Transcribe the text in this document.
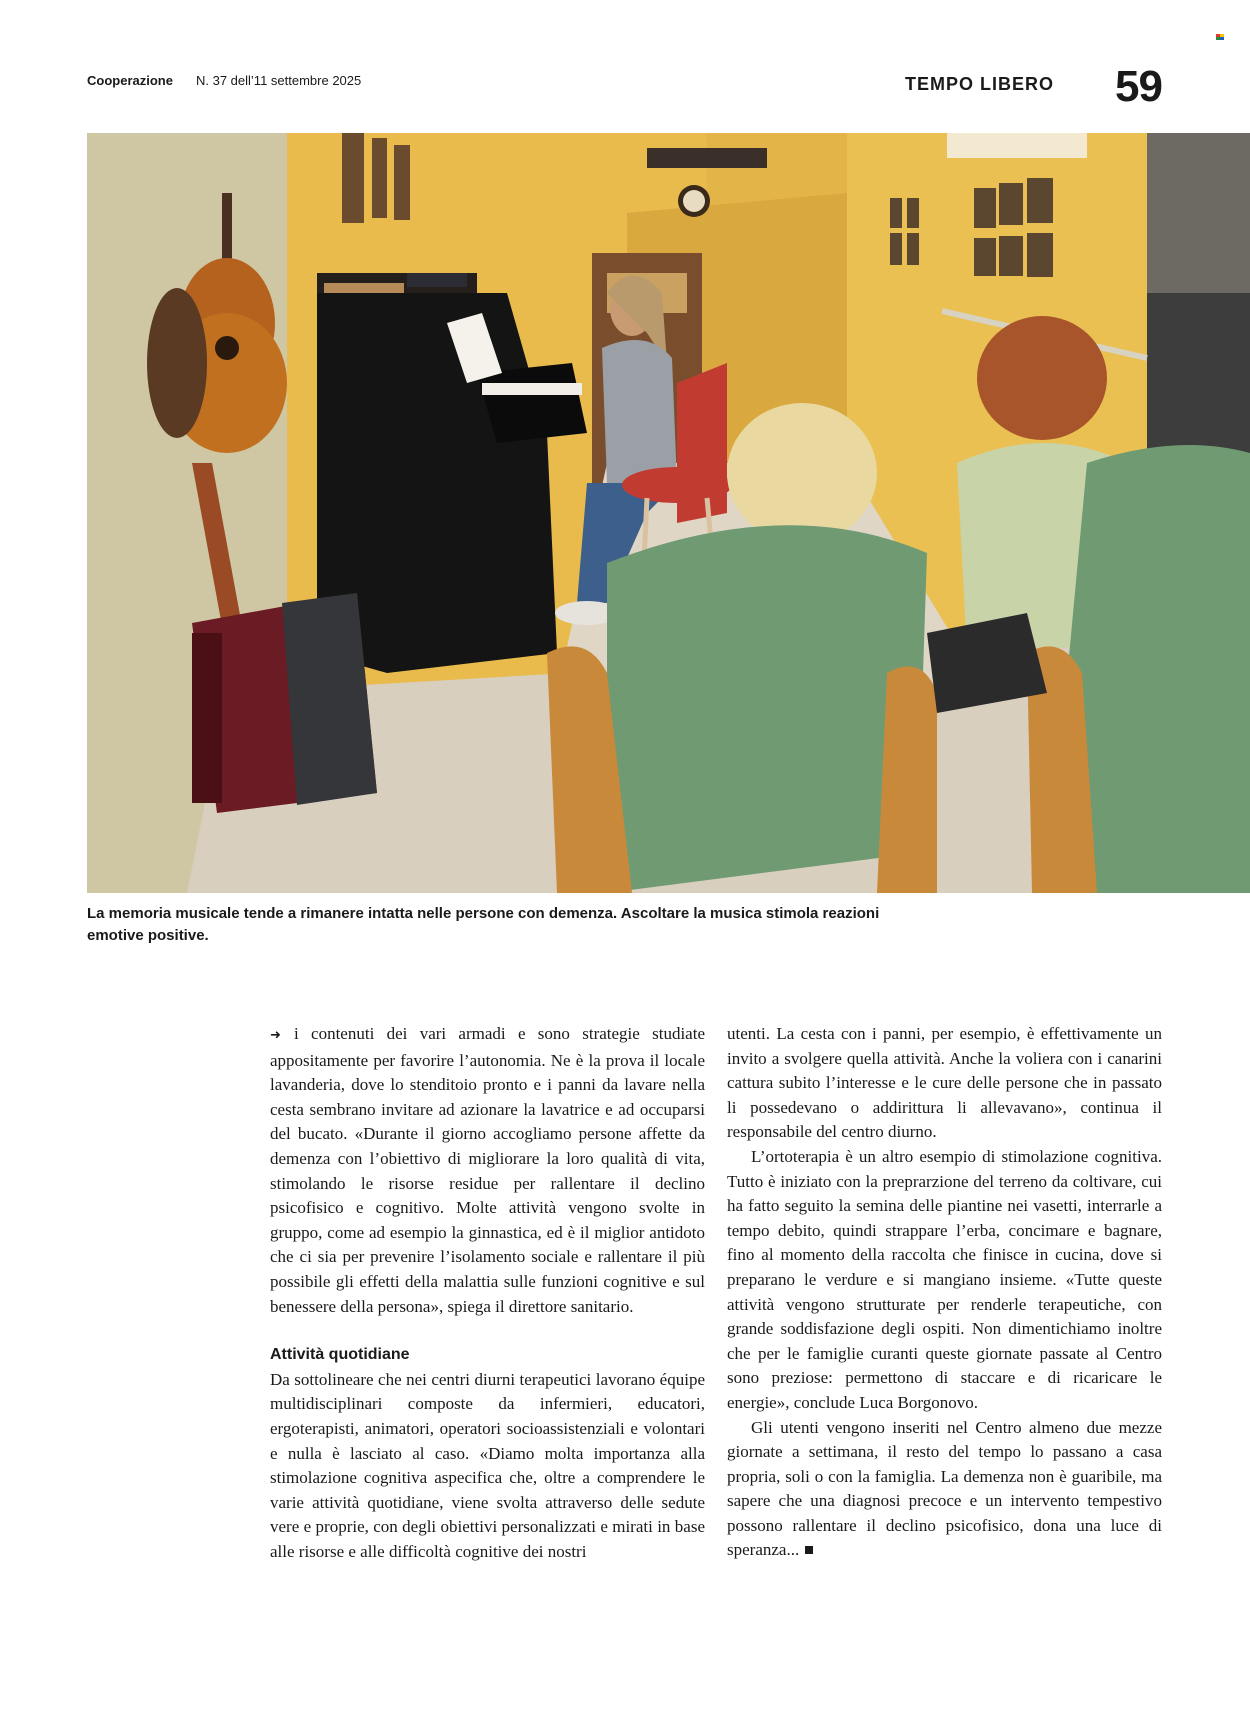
Cooperazione N. 37 dell’11 settembre 2025	TEMPO LIBERO 59
La memoria musicale tende a rimanere intatta nelle persone con demenza. Ascoltare la musica stimola reazioni emotive positive.

➜ i contenuti dei vari armadi e sono strategie studiate appositamente per favorire l’autonomia. Ne è la prova il locale lavanderia, dove lo stenditoio pronto e i panni da lavare nella cesta sembrano invitare ad azionare la lavatrice e ad occuparsi del bucato. «Durante il giorno accogliamo persone affette da demenza con l’obiettivo di migliorare la loro qualità di vita, stimolando le risorse residue per rallentare il declino psicofisico e cognitivo. Molte attività vengono svolte in gruppo, come ad esempio la ginnastica, ed è il miglior antidoto che ci sia per prevenire l’isolamento sociale e rallentare il più possibile gli effetti della malattia sulle funzioni cognitive e sul benessere della persona», spiega il direttore sanitario.

Attività quotidiane

Da sottolineare che nei centri diurni terapeutici lavorano équipe multidisciplinari composte da infermieri, educatori, ergoterapisti, animatori, operatori socioassistenziali e volontari e nulla è lasciato al caso. «Diamo molta importanza alla stimolazione cognitiva aspecifica che, oltre a comprendere le varie attività quotidiane, viene svolta attraverso delle sedute vere e proprie, con degli obiettivi personalizzati e mirati in base alle risorse e alle difficoltà cognitive dei nostri

utenti. La cesta con i panni, per esempio, è effettivamente un invito a svolgere quella attività. Anche la voliera con i canarini cattura subito l’interesse e le cure delle persone che in passato li possedevano o addirittura li allevavano», continua il responsabile del centro diurno.

L’ortoterapia è un altro esempio di stimolazione cognitiva. Tutto è iniziato con la preprarzione del terreno da coltivare, cui ha fatto seguito la semina delle piantine nei vasetti, interrarle a tempo debito, quindi strappare l’erba, concimare e bagnare, fino al momento della raccolta che finisce in cucina, dove si preparano le verdure e si mangiano insieme. «Tutte queste attività vengono strutturate per renderle terapeutiche, con grande soddisfazione degli ospiti. Non dimentichiamo inoltre che per le famiglie curanti queste giornate passate al Centro sono preziose: permettono di staccare e di ricaricare le energie», conclude Luca Borgonovo.

Gli utenti vengono inseriti nel Centro almeno due mezze giornate a settimana, il resto del tempo lo passano a casa propria, soli o con la famiglia. La demenza non è guaribile, ma sapere che una diagnosi precoce e un intervento tempestivo possono rallentare il declino psicofisico, dona una luce di speranza...
